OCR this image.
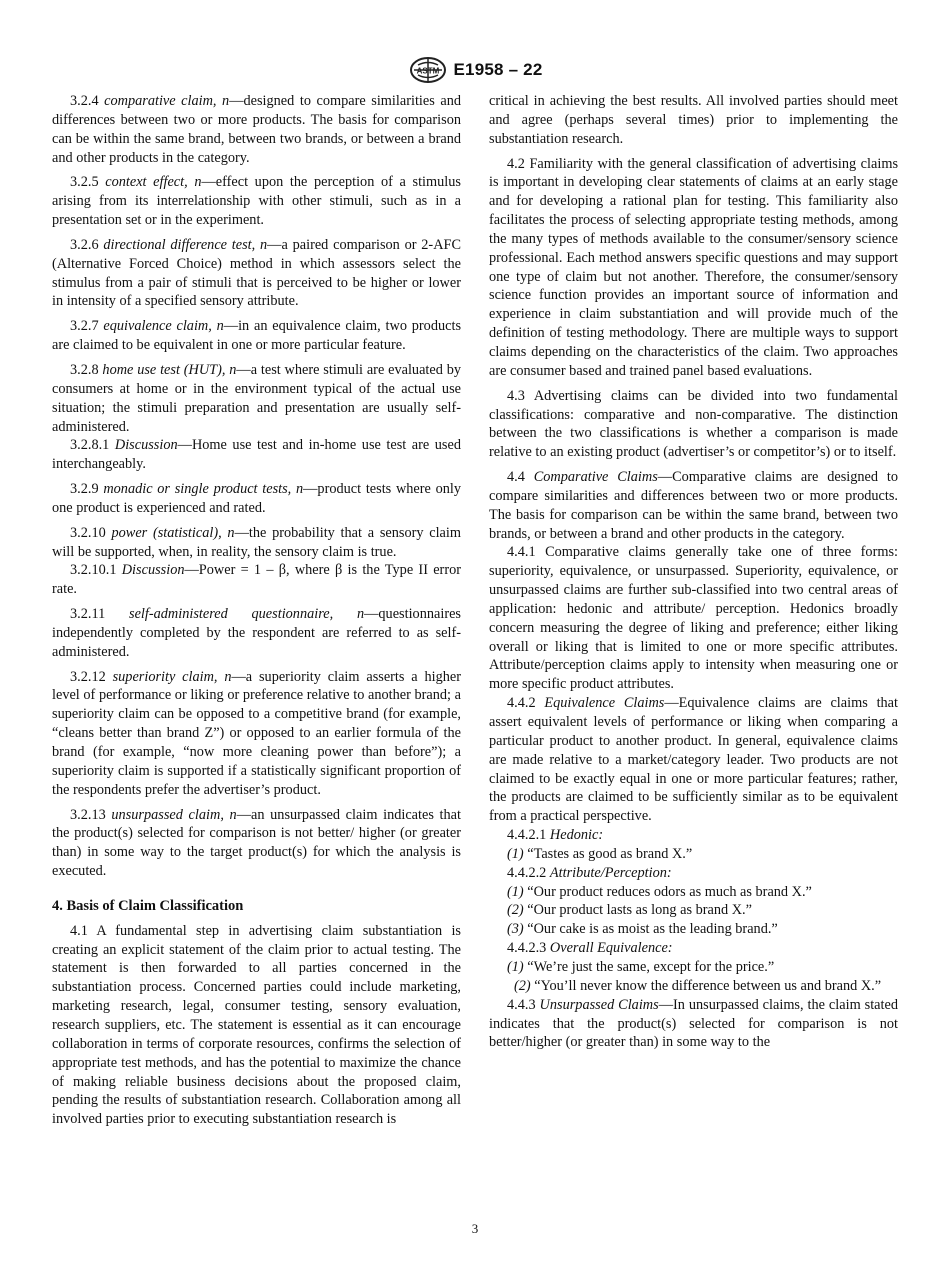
ASTM E1958 – 22

3.2.4 comparative claim, n—designed to compare similarities and differences between two or more products. The basis for comparison can be within the same brand, between two brands, or between a brand and other products in the category.

3.2.5 context effect, n—effect upon the perception of a stimulus arising from its interrelationship with other stimuli, such as in a presentation set or in the experiment.

3.2.6 directional difference test, n—a paired comparison or 2-AFC (Alternative Forced Choice) method in which assessors select the stimulus from a pair of stimuli that is perceived to be higher or lower in intensity of a specified sensory attribute.

3.2.7 equivalence claim, n—in an equivalence claim, two products are claimed to be equivalent in one or more particular feature.

3.2.8 home use test (HUT), n—a test where stimuli are evaluated by consumers at home or in the environment typical of the actual use situation; the stimuli preparation and presentation are usually self-administered.

3.2.8.1 Discussion—Home use test and in-home use test are used interchangeably.

3.2.9 monadic or single product tests, n—product tests where only one product is experienced and rated.

3.2.10 power (statistical), n—the probability that a sensory claim will be supported, when, in reality, the sensory claim is true.

3.2.10.1 Discussion—Power = 1 – β, where β is the Type II error rate.

3.2.11 self-administered questionnaire, n—questionnaires independently completed by the respondent are referred to as self-administered.

3.2.12 superiority claim, n—a superiority claim asserts a higher level of performance or liking or preference relative to another brand; a superiority claim can be opposed to a competitive brand (for example, “cleans better than brand Z”) or opposed to an earlier formula of the brand (for example, “now more cleaning power than before”); a superiority claim is supported if a statistically significant proportion of the respondents prefer the advertiser’s product.

3.2.13 unsurpassed claim, n—an unsurpassed claim indicates that the product(s) selected for comparison is not better/ higher (or greater than) in some way to the target product(s) for which the analysis is executed.

4. Basis of Claim Classification

4.1 A fundamental step in advertising claim substantiation is creating an explicit statement of the claim prior to actual testing. The statement is then forwarded to all parties concerned in the substantiation process. Concerned parties could include marketing, marketing research, legal, consumer testing, sensory evaluation, research suppliers, etc. The statement is essential as it can encourage collaboration in terms of corporate resources, confirms the selection of appropriate test methods, and has the potential to maximize the chance of making reliable business decisions about the proposed claim, pending the results of substantiation research. Collaboration among all involved parties prior to executing substantiation research is

critical in achieving the best results. All involved parties should meet and agree (perhaps several times) prior to implementing the substantiation research.

4.2 Familiarity with the general classification of advertising claims is important in developing clear statements of claims at an early stage and for developing a rational plan for testing. This familiarity also facilitates the process of selecting appropriate testing methods, among the many types of methods available to the consumer/sensory science professional. Each method answers specific questions and may support one type of claim but not another. Therefore, the consumer/sensory science function provides an important source of information and experience in claim substantiation and will provide much of the definition of testing methodology. There are multiple ways to support claims depending on the characteristics of the claim. Two approaches are consumer based and trained panel based evaluations.

4.3 Advertising claims can be divided into two fundamental classifications: comparative and non-comparative. The distinction between the two classifications is whether a comparison is made relative to an existing product (advertiser’s or competitor’s) or to itself.

4.4 Comparative Claims—Comparative claims are designed to compare similarities and differences between two or more products. The basis for comparison can be within the same brand, between two brands, or between a brand and other products in the category.

4.4.1 Comparative claims generally take one of three forms: superiority, equivalence, or unsurpassed. Superiority, equivalence, or unsurpassed claims are further sub-classified into two central areas of application: hedonic and attribute/ perception. Hedonics broadly concern measuring the degree of liking and preference; either liking overall or liking that is limited to one or more specific attributes. Attribute/perception claims apply to intensity when measuring one or more specific product attributes.

4.4.2 Equivalence Claims—Equivalence claims are claims that assert equivalent levels of performance or liking when comparing a particular product to another product. In general, equivalence claims are made relative to a market/category leader. Two products are not claimed to be exactly equal in one or more particular features; rather, the products are claimed to be sufficiently similar as to be equivalent from a practical perspective.

4.4.2.1 Hedonic:

(1) “Tastes as good as brand X.”

4.4.2.2 Attribute/Perception:

(1) “Our product reduces odors as much as brand X.”

(2) “Our product lasts as long as brand X.”

(3) “Our cake is as moist as the leading brand.”

4.4.2.3 Overall Equivalence:

(1) “We’re just the same, except for the price.”

(2) “You’ll never know the difference between us and brand X.”

4.4.3 Unsurpassed Claims—In unsurpassed claims, the claim stated indicates that the product(s) selected for comparison is not better/higher (or greater than) in some way to the

3
